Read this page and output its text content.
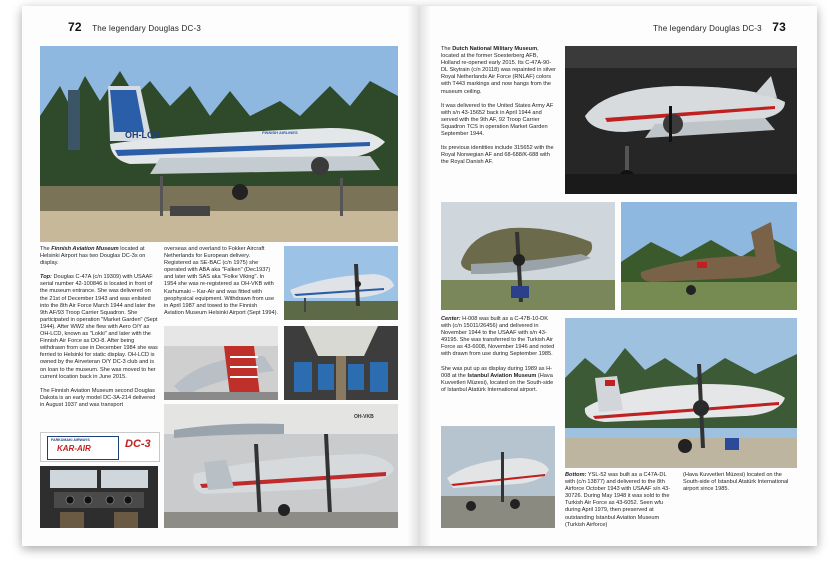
72 The legendary Douglas DC-3
OH-LCD	FINNISH AIRLINES

The Finnish Aviation Museum located at Helsinki Airport has two Douglas DC-3s on display.

Top: Douglas C-47A (c/n 19309) with USAAF serial number 42-100846 is located in front of the museum entrance. She was delivered on the 21st of December 1943 and was enlisted into the 8th Air Force March 1944 and later the 9th AF/93 Troop Carrier Squadron. She participated in operation "Market Garden" (Sept 1944). After WW2 she flew with Aero O/Y as OH-LCD, known as "Lokki" and later with the Finnish Air Force as DO-8. After being withdrawn from use in December 1984 she was ferried to Helsinki for static display. OH-LCD is owned by the Airveteran O/Y DC-3 club and is on loan to the museum. She was moved to her current location back in June 2015.

The Finnish Aviation Museum second Douglas Dakota is an early model DC-3A-214 delivered in August 1937 and was transport

overseas and overland to Fokker Aircraft Netherlands for European delivery. Registered as SE-BAC (c/n 1975) she operated with ABA aka "Falken" (Dec1937) and later with SAS aka "Folke Viking". In 1954 she was re-registered as OH-VKB with Karhumaki – Kar-Air and was fitted with geophysical equipment. Withdrawn from use in April 1987 and towed to the Finnish Aviation Museum Helsinki Airport (Sept 1994).

FARKUMAKI AIRWAYS
KAR-AIR	DC-3
OH-VKB
The legendary Douglas DC-3 73

The Dutch National Military Museum, located at the former Soesterberg AFB, Holland re-opened early 2015. Its C-47A-90-DL Skytrain (c/n 20118) was repainted in silver Royal Netherlands Air Force (RNLAF) colors with T443 markings and now hangs from the museum ceiling.

It was delivered to the United States Army AF with s/n 43-15652 back in April 1944 and served with the 9th AF, 92 Troop Carrier Squadron TCS in operation Market Garden September 1944.

Its previous identities include 315652 with the Royal Norwegian AF and 68-688/K-688 with the Royal Danish AF.

Center: H-008 was built as a C-47B-10-DK with (c/n 15011/26456) and delivered in November 1944 to the USAAF with s/n 43-49195. She was transferred to the Turkish Air Force as 43-6008, November 1946 and noted with drawn from use during September 1985.

She was put up as display during 1989 as H-008 at the Istanbul Aviation Museum (Hava Kuvvetleri Müzesi), located on the South-side of Istanbul Atatürk International airport.

Bottom: YSL-52 was built as a C47A-DL with (c/n 13877) and delivered to the 8th Airforce October 1943 with USAAF s/n 43-30726. During May 1948 it was sold to the Turkish Air Force as 43-6052. Seen wfu during April 1979, then preserved at outstanding Istanbul Aviation Museum (Turkish Airforce)

(Hava Kuvvetleri Müzesi) located on the South-side of Istanbul Atatürk International airport since 1985.
